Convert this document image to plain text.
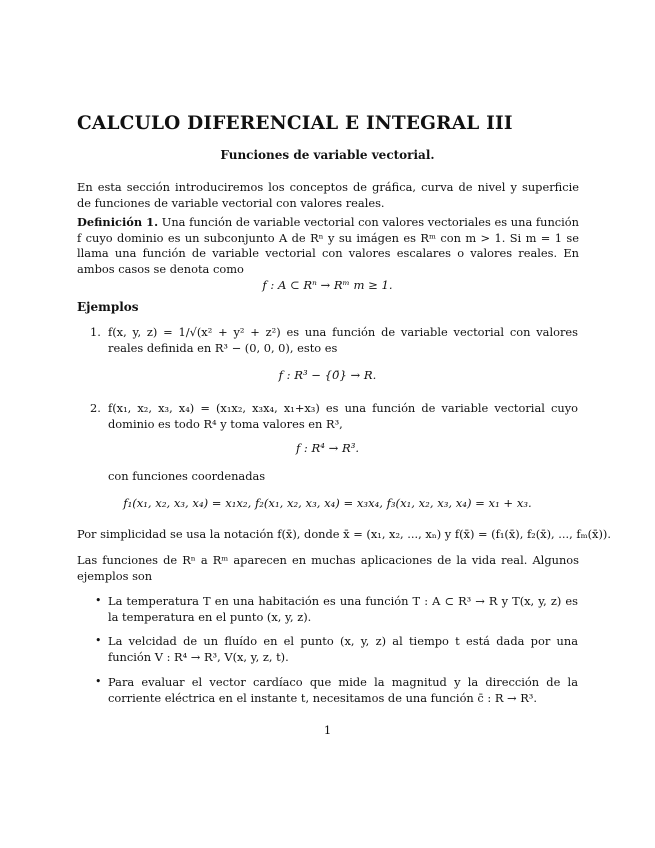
CALCULO DIFERENCIAL E INTEGRAL III
Funciones de variable vectorial.
En esta sección introduciremos los conceptos de gráfica, curva de nivel y superficie de funciones de variable vectorial con valores reales.
Definición 1. Una función de variable vectorial con valores vectoriales es una función f cuyo dominio es un subconjunto A de Rⁿ y su imágen es Rᵐ con m > 1. Si m = 1 se llama una función de variable vectorial con valores escalares o valores reales. En ambos casos se denota como
f : A ⊂ Rⁿ → Rᵐ m ≥ 1.
Ejemplos
1. f(x, y, z) = 1/√(x² + y² + z²) es una función de variable vectorial con valores reales definida en R³ − (0, 0, 0), esto es
f : R³ − {0̄} → R.
2. f(x₁, x₂, x₃, x₄) = (x₁x₂, x₃x₄, x₁+x₃) es una función de variable vectorial cuyo dominio es todo R⁴ y toma valores en R³,
f : R⁴ → R³.
con funciones coordenadas
f₁(x₁, x₂, x₃, x₄) = x₁x₂, f₂(x₁, x₂, x₃, x₄) = x₃x₄, f₃(x₁, x₂, x₃, x₄) = x₁ + x₃.
Por simplicidad se usa la notación f(x̄), donde x̄ = (x₁, x₂, ..., xₙ) y f(x̄) = (f₁(x̄), f₂(x̄), ..., fₘ(x̄)).
Las funciones de Rⁿ a Rᵐ aparecen en muchas aplicaciones de la vida real. Algunos ejemplos son
• La temperatura T en una habitación es una función T : A ⊂ R³ → R y T(x, y, z) es la temperatura en el punto (x, y, z).
• La velcidad de un fluído en el punto (x, y, z) al tiempo t está dada por una función V : R⁴ → R³, V(x, y, z, t).
• Para evaluar el vector cardíaco que mide la magnitud y la dirección de la corriente eléctrica en el instante t, necesitamos de una función c̄ : R → R³.
1
